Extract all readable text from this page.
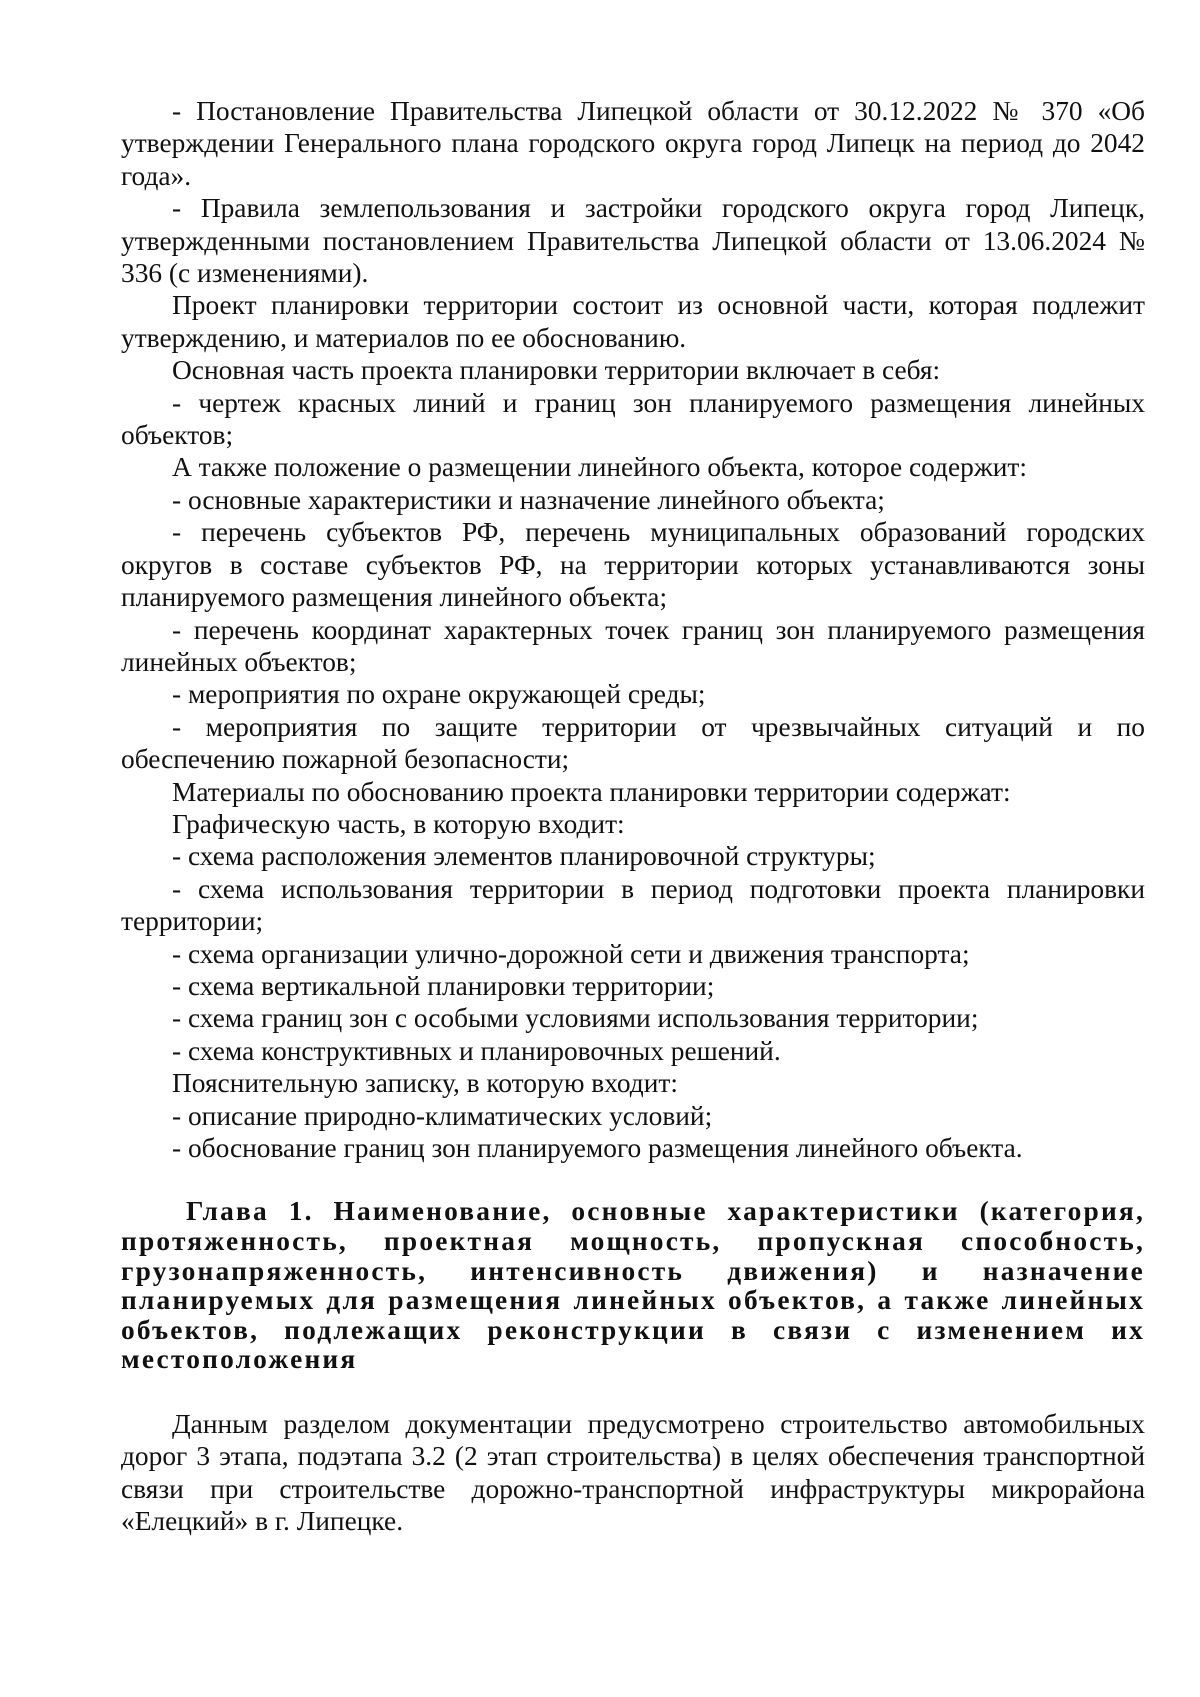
- Постановление Правительства Липецкой области от 30.12.2022 № 370 «Об утверждении Генерального плана городского округа город Липецк на период до 2042 года».

- Правила землепользования и застройки городского округа город Липецк, утвержденными постановлением Правительства Липецкой области от 13.06.2024 № 336 (с изменениями).

Проект планировки территории состоит из основной части, которая подлежит утверждению, и материалов по ее обоснованию.

Основная часть проекта планировки территории включает в себя:

- чертеж красных линий и границ зон планируемого размещения линейных объектов;

А также положение о размещении линейного объекта, которое содержит:

- основные характеристики и назначение линейного объекта;

- перечень субъектов РФ, перечень муниципальных образований городских округов в составе субъектов РФ, на территории которых устанавливаются зоны планируемого размещения линейного объекта;

- перечень координат характерных точек границ зон планируемого размещения линейных объектов;

- мероприятия по охране окружающей среды;

- мероприятия по защите территории от чрезвычайных ситуаций и по обеспечению пожарной безопасности;

Материалы по обоснованию проекта планировки территории содержат:

Графическую часть, в которую входит:

- схема расположения элементов планировочной структуры;

- схема использования территории в период подготовки проекта планировки территории;

- схема организации улично-дорожной сети и движения транспорта;

- схема вертикальной планировки территории;

- схема границ зон с особыми условиями использования территории;

- схема конструктивных и планировочных решений.

Пояснительную записку, в которую входит:

- описание природно-климатических условий;

- обоснование границ зон планируемого размещения линейного объекта.

Глава 1. Наименование, основные характеристики (категория, протяженность, проектная мощность, пропускная способность, грузонапряженность, интенсивность движения) и назначение планируемых для размещения линейных объектов, а также линейных объектов, подлежащих реконструкции в связи с изменением их местоположения

Данным разделом документации предусмотрено строительство автомобильных дорог 3 этапа, подэтапа 3.2 (2 этап строительства) в целях обеспечения транспортной связи при строительстве дорожно-транспортной инфраструктуры микрорайона «Елецкий» в г. Липецке.
